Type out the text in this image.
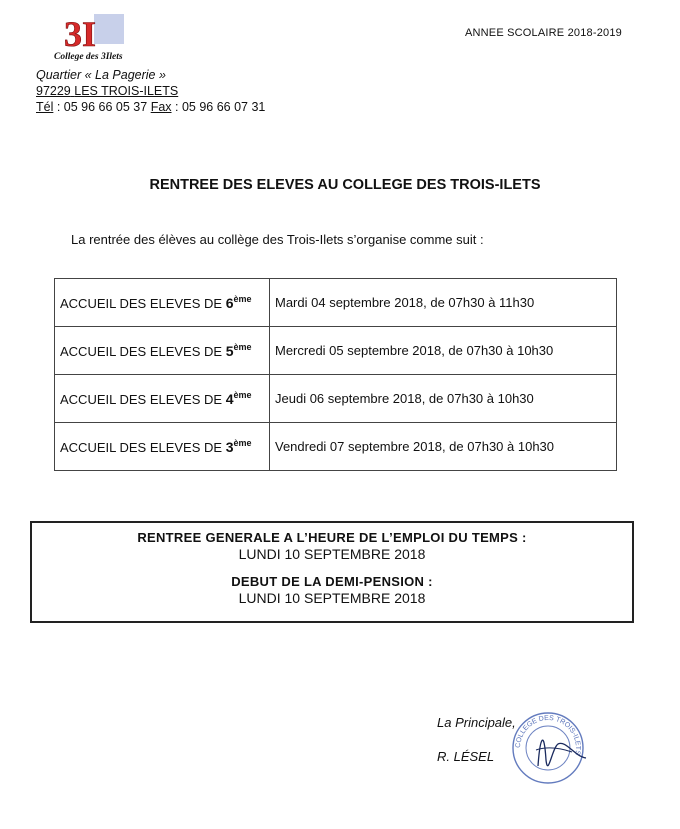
3I
College des 3Ilets
ANNEE SCOLAIRE 2018-2019
Quartier « La Pagerie »
97229 LES TROIS-ILETS
Tél : 05 96 66 05 37 Fax : 05 96 66 07 31
RENTREE DES ELEVES AU COLLEGE DES TROIS-ILETS
La rentrée des élèves au collège des Trois-Ilets s’organise comme suit :
ACCUEIL DES ELEVES DE 6ème	Mardi 04 septembre 2018, de 07h30 à 11h30
ACCUEIL DES ELEVES DE 5ème	Mercredi 05 septembre 2018, de 07h30 à 10h30
ACCUEIL DES ELEVES DE 4ème	Jeudi 06 septembre 2018, de 07h30 à 10h30
ACCUEIL DES ELEVES DE 3ème	Vendredi 07 septembre 2018, de 07h30 à 10h30
RENTREE GENERALE A L’HEURE DE L’EMPLOI DU TEMPS :
LUNDI 10 SEPTEMBRE 2018
DEBUT DE LA DEMI-PENSION :
LUNDI 10 SEPTEMBRE 2018
La Principale,
R. LÉSEL
COLLEGE DES TROIS-ILETS
